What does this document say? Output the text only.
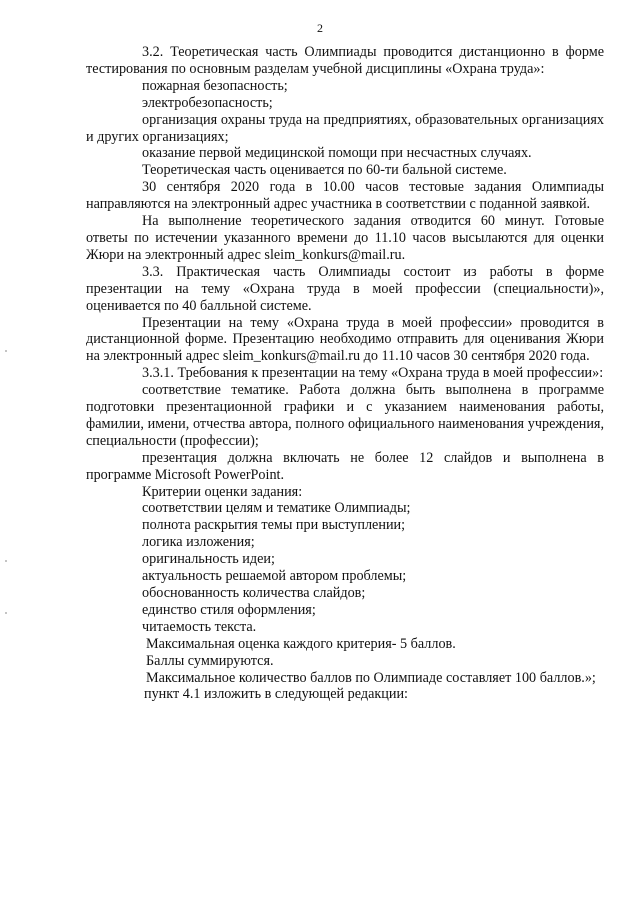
2

3.2. Теоретическая часть Олимпиады проводится дистанционно в форме тестирования по основным разделам учебной дисциплины «Охрана труда»:

пожарная безопасность;

электробезопасность;

организация охраны труда на предприятиях, образовательных организациях и других организациях;

оказание первой медицинской помощи при несчастных случаях.

Теоретическая часть оценивается по 60-ти бальной системе.

30 сентября 2020 года в 10.00 часов тестовые задания Олимпиады направляются на электронный адрес участника в соответствии с поданной заявкой.

На выполнение теоретического задания отводится 60 минут. Готовые ответы по истечении указанного времени до 11.10 часов высылаются для оценки Жюри на электронный адрес sleim_konkurs@mail.ru.

3.3. Практическая часть Олимпиады состоит из работы в форме презентации на тему «Охрана труда в моей профессии (специальности)», оценивается по 40 балльной системе.

Презентации на тему «Охрана труда в моей профессии» проводится в дистанционной форме. Презентацию необходимо отправить для оценивания Жюри на электронный адрес sleim_konkurs@mail.ru до 11.10 часов 30 сентября 2020 года.

3.3.1. Требования к презентации на тему «Охрана труда в моей профессии»:

соответствие тематике. Работа должна быть выполнена в программе подготовки презентационной графики и с указанием наименования работы, фамилии, имени, отчества автора, полного официального наименования учреждения, специальности (профессии);

презентация должна включать не более 12 слайдов и выполнена в программе Microsoft PowerPoint.

Критерии оценки задания:

соответствии целям и тематике Олимпиады;

полнота раскрытия темы при выступлении;

логика изложения;

оригинальность идеи;

актуальность решаемой автором проблемы;

обоснованность количества слайдов;

единство стиля оформления;

читаемость текста.

Максимальная оценка каждого критерия- 5 баллов.

Баллы суммируются.

Максимальное количество баллов по Олимпиаде составляет 100 баллов.»;

пункт 4.1 изложить в следующей редакции:
